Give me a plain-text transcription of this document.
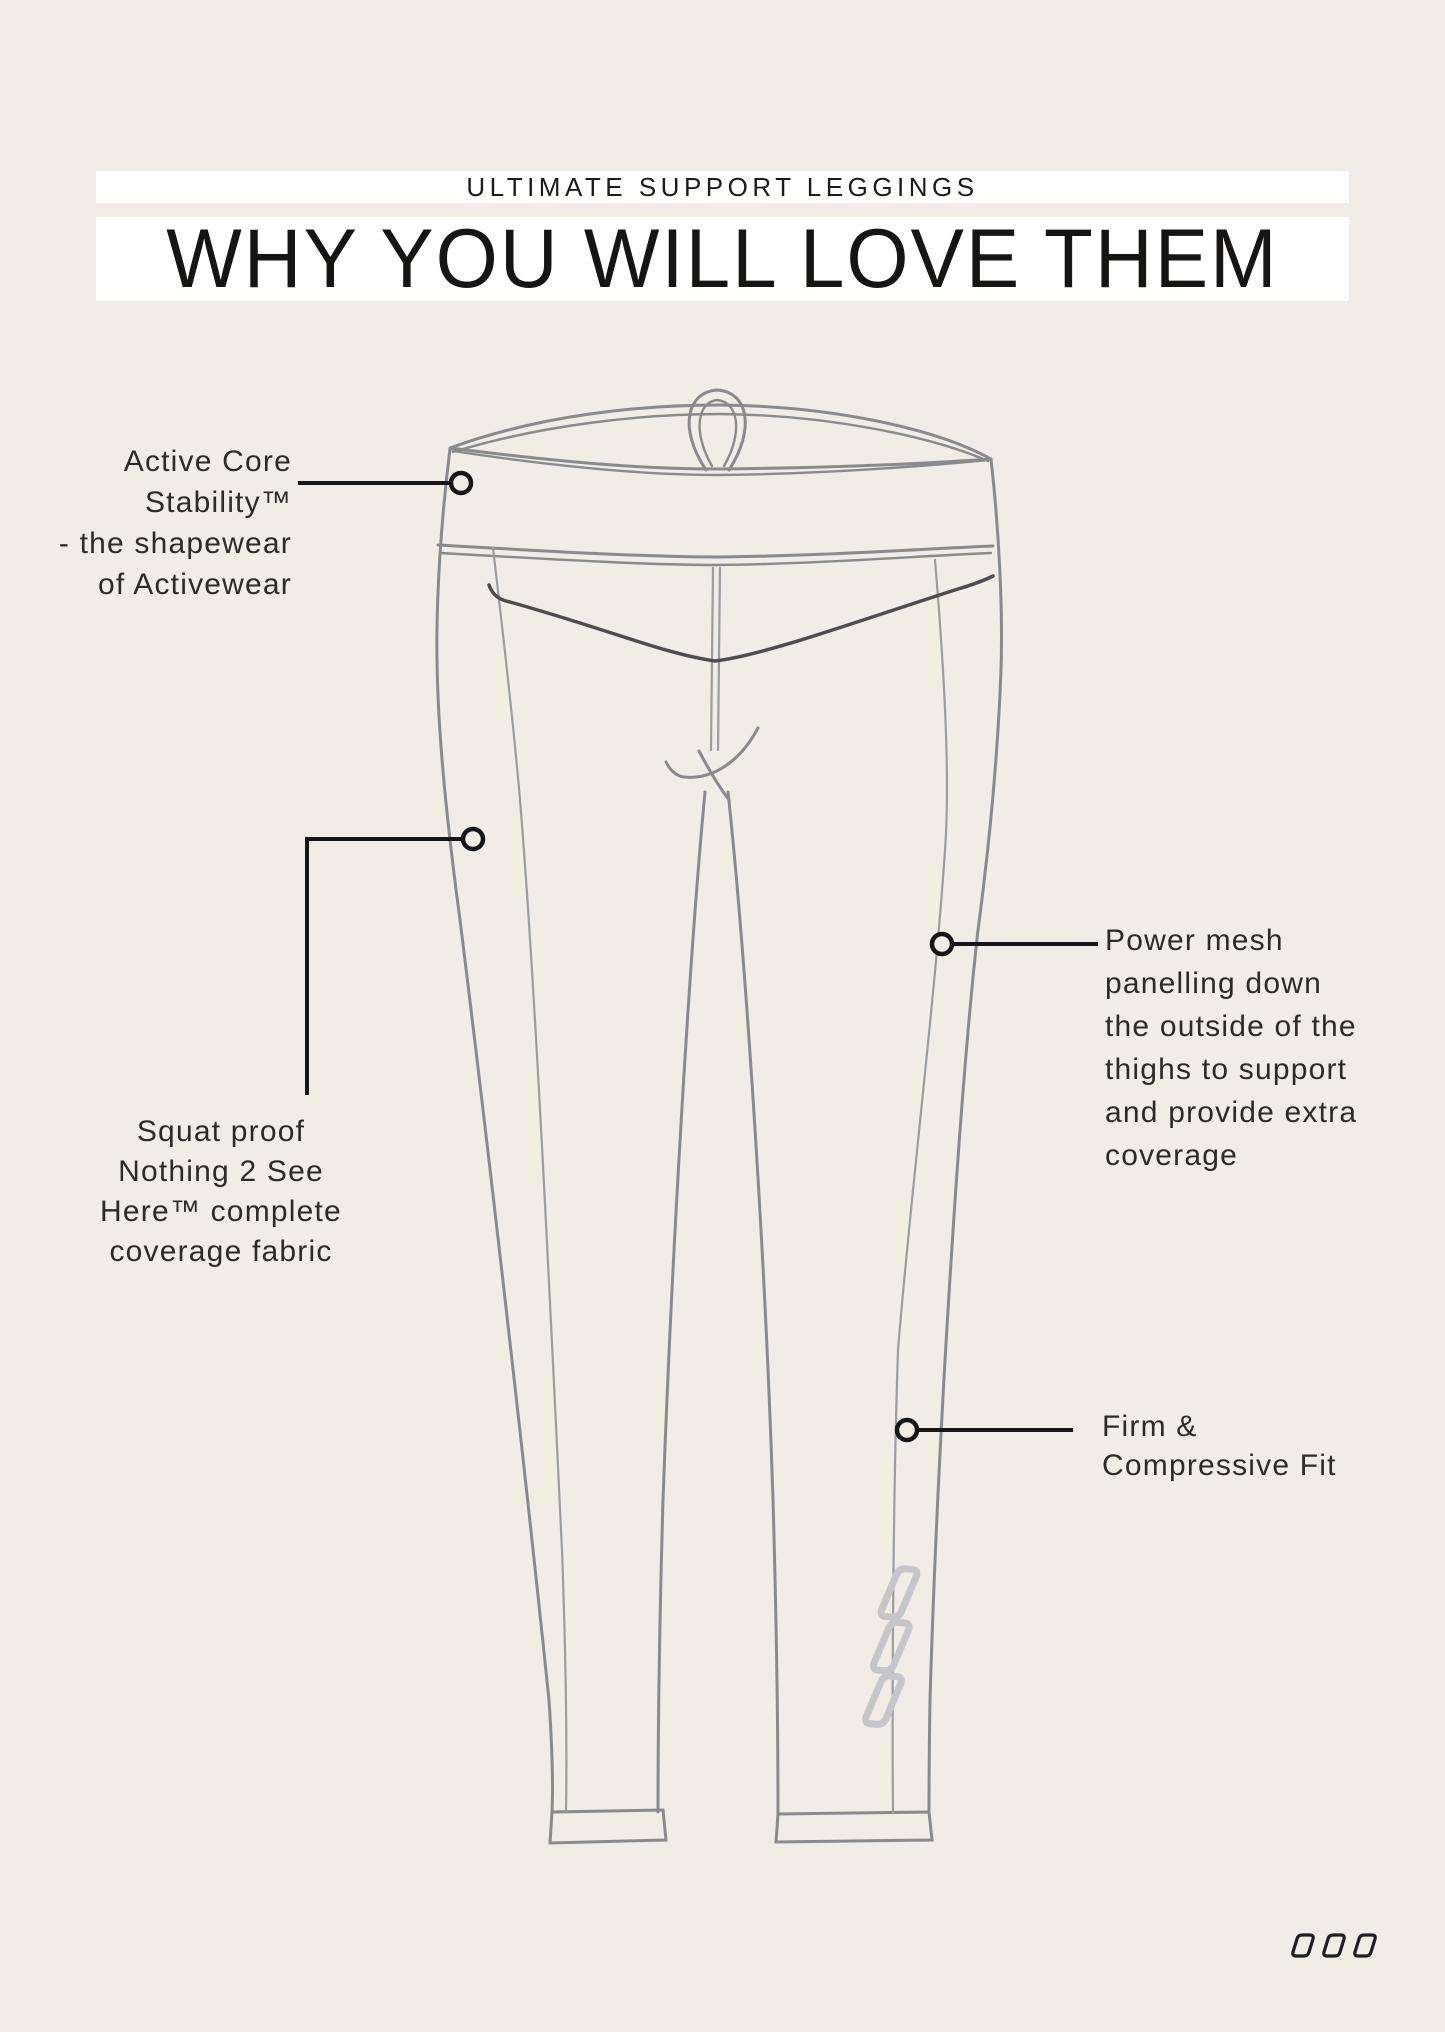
ULTIMATE SUPPORT LEGGINGS
WHY YOU WILL LOVE THEM
Active Core
Stability™
- the shapewear
of Activewear
Squat proof
Nothing 2 See
Here™ complete
coverage fabric
Power mesh
panelling down
the outside of the
thighs to support
and provide extra
coverage
Firm &
Compressive Fit
